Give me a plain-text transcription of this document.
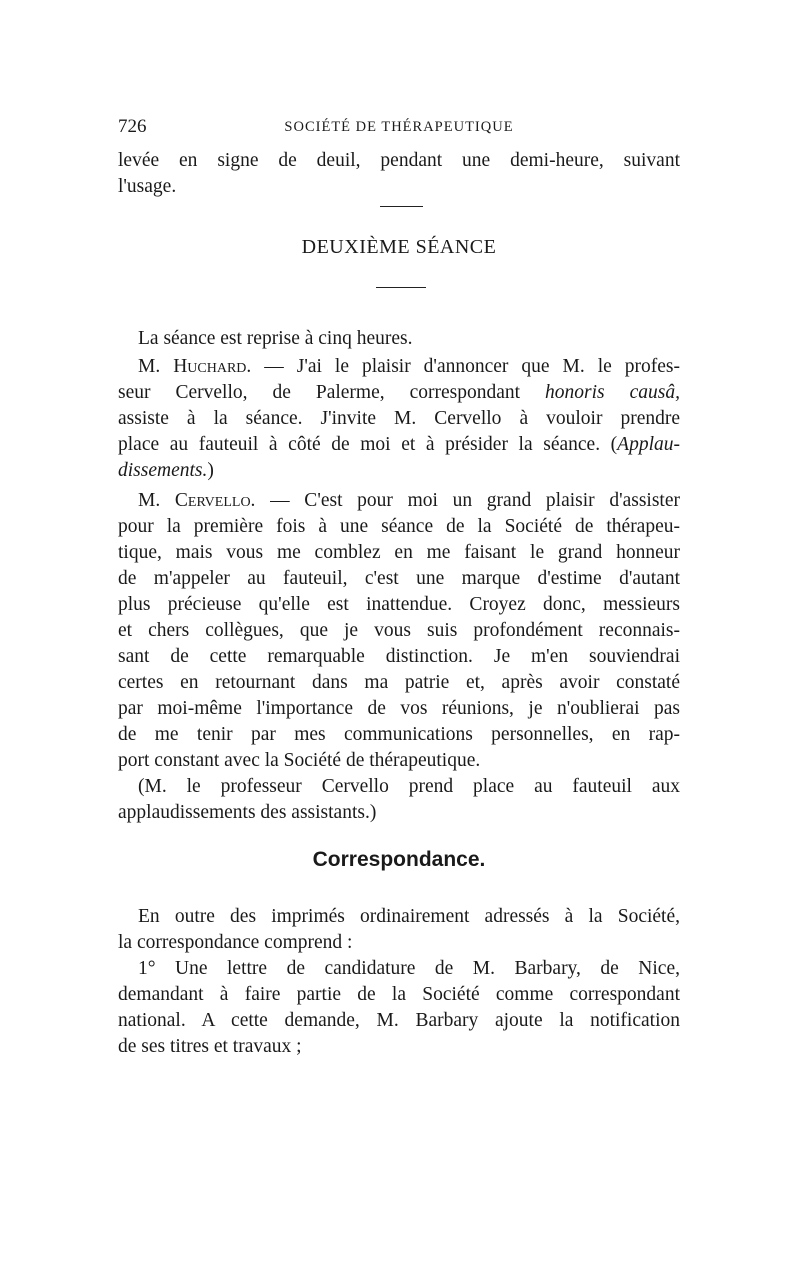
726	SOCIÉTÉ DE THÉRAPEUTIQUE
levée en signe de deuil, pendant une demi-heure, suivant
l'usage.
DEUXIÈME SÉANCE
La séance est reprise à cinq heures.
M. Huchard. — J'ai le plaisir d'annoncer que M. le profes-
seur Cervello, de Palerme, correspondant honoris causâ,
assiste à la séance. J'invite M. Cervello à vouloir prendre
place au fauteuil à côté de moi et à présider la séance. (Applau-
dissements.)
M. Cervello. — C'est pour moi un grand plaisir d'assister
pour la première fois à une séance de la Société de thérapeu-
tique, mais vous me comblez en me faisant le grand honneur
de m'appeler au fauteuil, c'est une marque d'estime d'autant
plus précieuse qu'elle est inattendue. Croyez donc, messieurs
et chers collègues, que je vous suis profondément reconnais-
sant de cette remarquable distinction. Je m'en souviendrai
certes en retournant dans ma patrie et, après avoir constaté
par moi-même l'importance de vos réunions, je n'oublierai pas
de me tenir par mes communications personnelles, en rap-
port constant avec la Société de thérapeutique.
(M. le professeur Cervello prend place au fauteuil aux
applaudissements des assistants.)
Correspondance.
En outre des imprimés ordinairement adressés à la Société,
la correspondance comprend :
1° Une lettre de candidature de M. Barbary, de Nice,
demandant à faire partie de la Société comme correspondant
national. A cette demande, M. Barbary ajoute la notification
de ses titres et travaux ;
